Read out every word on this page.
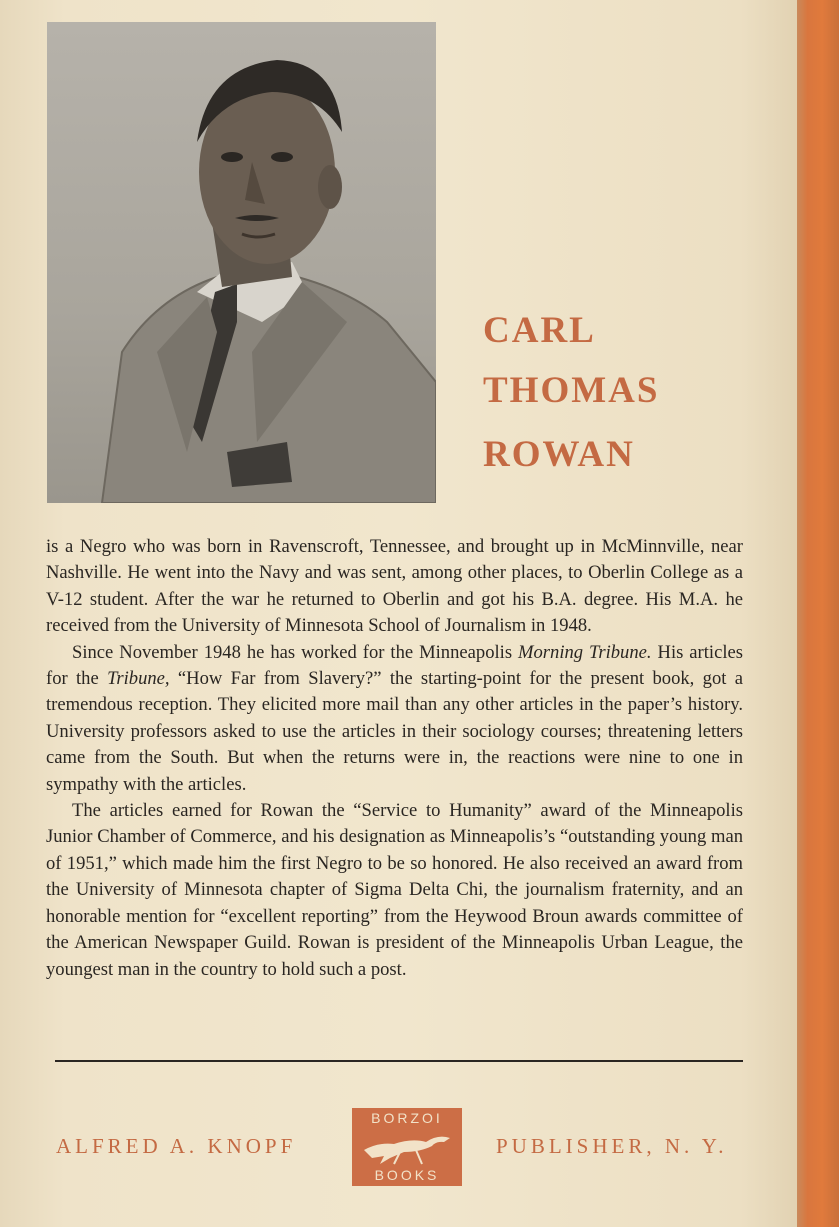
CARL
THOMAS
ROWAN

is a Negro who was born in Ravenscroft, Tennessee, and brought up in McMinnville, near Nashville. He went into the Navy and was sent, among other places, to Oberlin College as a V-12 student. After the war he returned to Oberlin and got his B.A. degree. His M.A. he received from the University of Minnesota School of Journalism in 1948.

Since November 1948 he has worked for the Minneapolis Morning Tribune. His articles for the Tribune, “How Far from Slavery?” the starting-point for the present book, got a tremendous reception. They elicited more mail than any other articles in the paper’s history. University professors asked to use the articles in their sociology courses; threatening letters came from the South. But when the returns were in, the reactions were nine to one in sympathy with the articles.

The articles earned for Rowan the “Service to Humanity” award of the Minneapolis Junior Chamber of Commerce, and his designation as Minneapolis’s “outstanding young man of 1951,” which made him the first Negro to be so honored. He also received an award from the University of Minnesota chapter of Sigma Delta Chi, the journalism fraternity, and an honorable mention for “excellent reporting” from the Heywood Broun awards committee of the American Newspaper Guild. Rowan is president of the Minneapolis Urban League, the youngest man in the country to hold such a post.

ALFRED A. KNOPF
BORZOI
BOOKS
PUBLISHER, N. Y.
